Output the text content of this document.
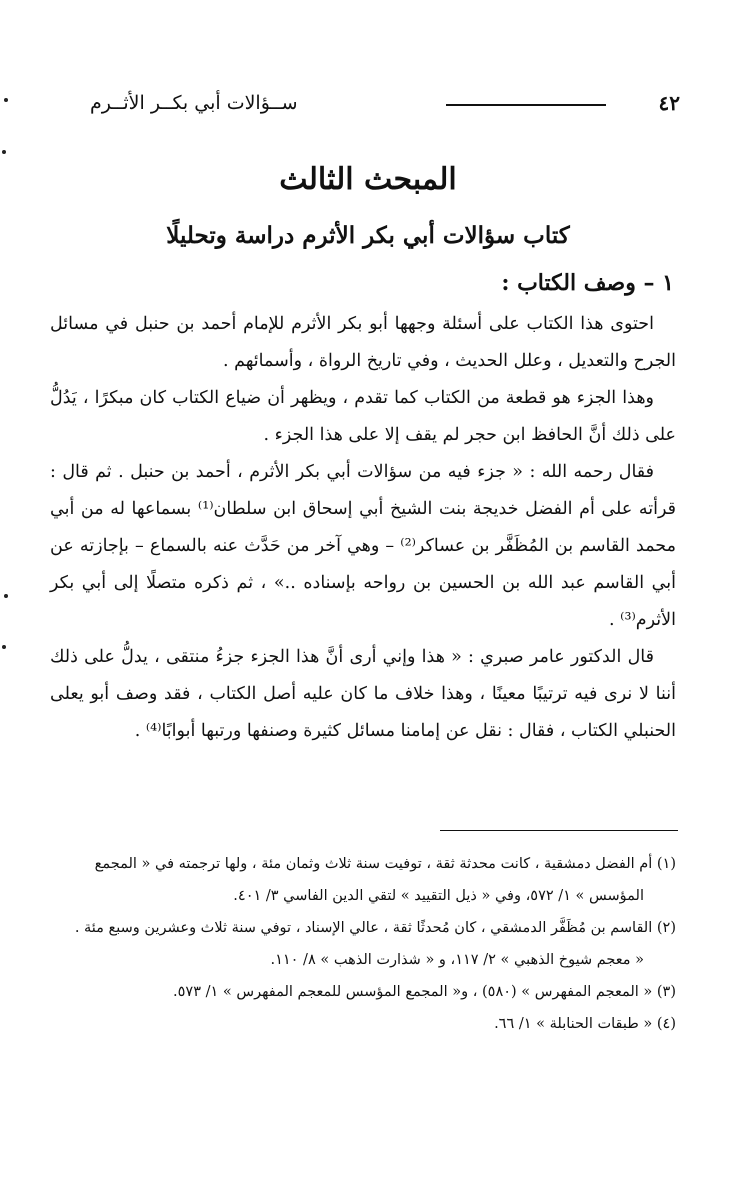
٤٢
ســؤالات أبي بكــر الأثــرم
المبحث الثالث
كتاب سؤالات أبي بكر الأثرم دراسة وتحليلًا
١ – وصف الكتاب :

احتوى هذا الكتاب على أسئلة وجهها أبو بكر الأثرم للإمام أحمد بن حنبل في مسائل الجرح والتعديل ، وعلل الحديث ، وفي تاريخ الرواة ، وأسمائهم .

وهذا الجزء هو قطعة من الكتاب كما تقدم ، ويظهر أن ضياع الكتاب كان مبكرًا ، يَدُلُّ على ذلك أنَّ الحافظ ابن حجر لم يقف إلا على هذا الجزء .

فقال رحمه الله : « جزء فيه من سؤالات أبي بكر الأثرم ، أحمد بن حنبل . ثم قال : قرأته على أم الفضل خديجة بنت الشيخ أبي إسحاق ابن سلطان⁽¹⁾ بسماعها له من أبي محمد القاسم بن المُظَفَّر بن عساكر⁽²⁾ – وهي آخر من حَدَّث عنه بالسماع – بإجازته عن أبي القاسم عبد الله بن الحسين بن رواحه بإسناده ..» ، ثم ذكره متصلًا إلى أبي بكر الأثرم⁽³⁾ .

قال الدكتور عامر صبري : « هذا وإني أرى أنَّ هذا الجزء جزءُ منتقى ، يدلُّ على ذلك أننا لا نرى فيه ترتيبًا معينًا ، وهذا خلاف ما كان عليه أصل الكتاب ، فقد وصف أبو يعلى الحنبلي الكتاب ، فقال : نقل عن إمامنا مسائل كثيرة وصنفها ورتبها أبوابًا⁽⁴⁾ .

(١) أم الفضل دمشقية ، كانت محدثة ثقة ، توفيت سنة ثلاث وثمان مئة ، ولها ترجمته في « المجمع

المؤسس » ١/ ٥٧٢، وفي « ذيل التقييد » لتقي الدين الفاسي ٣/ ٤٠١.

(٢) القاسم بن مُظَفَّر الدمشقي ، كان مُحدثًا ثقة ، عالي الإسناد ، توفي سنة ثلاث وعشرين وسبع مئة .

« معجم شيوخ الذهبي » ٢/ ١١٧، و « شذارت الذهب » ٨/ ١١٠.

(٣) « المعجم المفهرس » (٥٨٠) ، و« المجمع المؤسس للمعجم المفهرس » ١/ ٥٧٣.

(٤) « طبقات الحنابلة » ١/ ٦٦.
